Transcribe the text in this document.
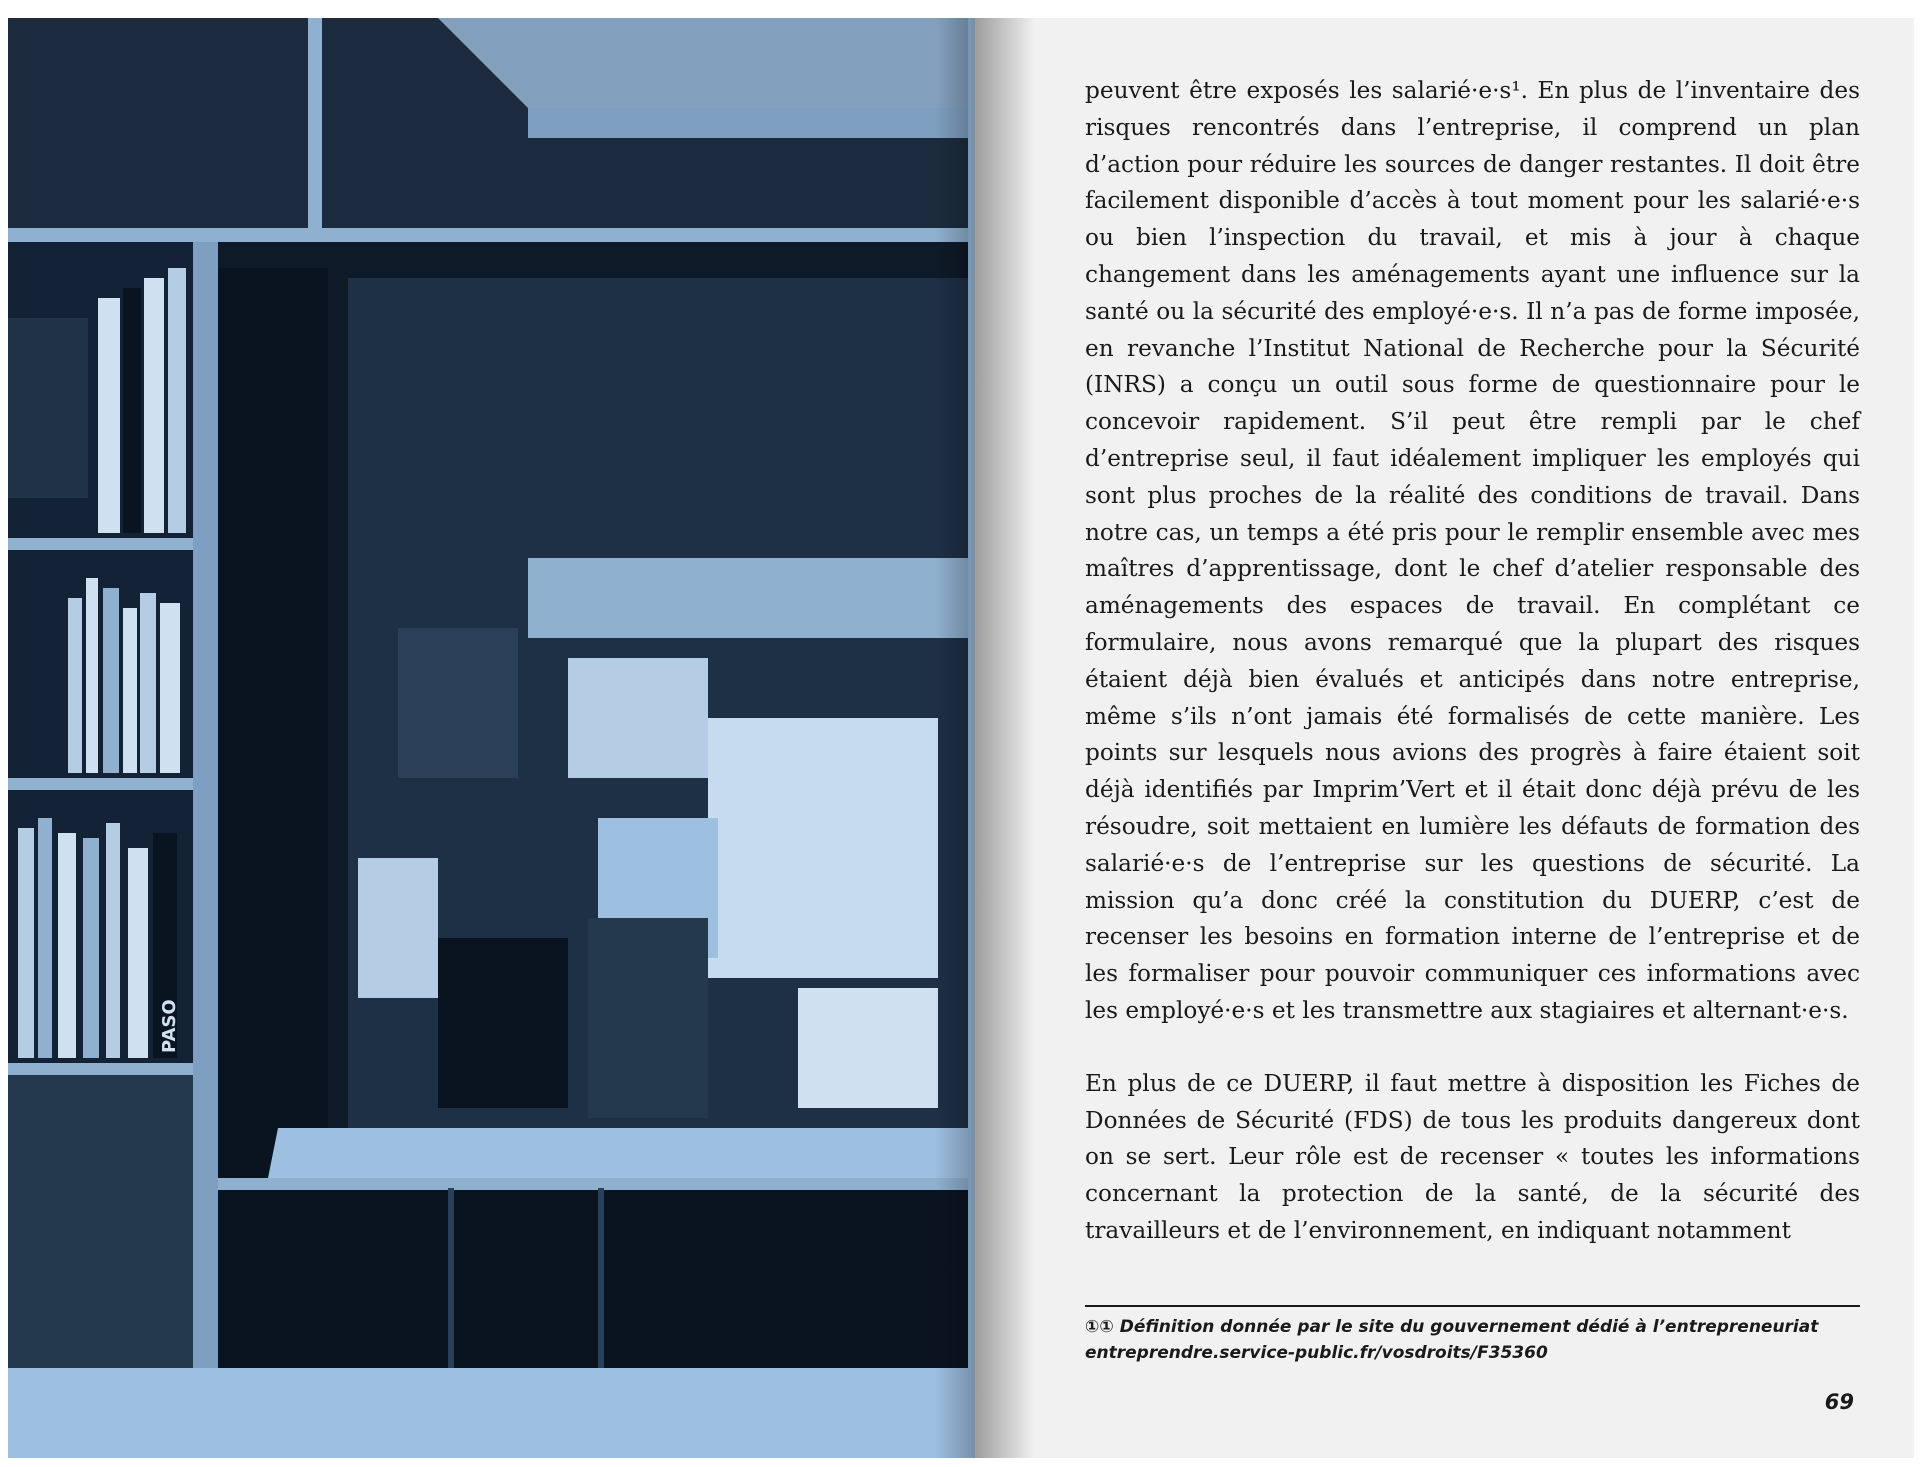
Das grosse Kunstbuch
PASO

peuvent être exposés les salarié·e·s¹. En plus de l’inventaire des risques rencontrés dans l’entreprise, il comprend un plan d’action pour réduire les sources de danger restantes. Il doit être facilement disponible d’accès à tout moment pour les salarié·e·s ou bien l’inspection du travail, et mis à jour à chaque changement dans les aménagements ayant une influence sur la santé ou la sécurité des employé·e·s. Il n’a pas de forme imposée, en revanche l’Institut National de Recherche pour la Sécurité (INRS) a conçu un outil sous forme de questionnaire pour le concevoir rapidement. S’il peut être rempli par le chef d’entreprise seul, il faut idéalement impliquer les employés qui sont plus proches de la réalité des conditions de travail. Dans notre cas, un temps a été pris pour le remplir ensemble avec mes maîtres d’apprentissage, dont le chef d’atelier responsable des aménagements des espaces de travail. En complétant ce formulaire, nous avons remarqué que la plupart des risques étaient déjà bien évalués et anticipés dans notre entreprise, même s’ils n’ont jamais été formalisés de cette manière. Les points sur lesquels nous avions des progrès à faire étaient soit déjà identifiés par Imprim’Vert et il était donc déjà prévu de les résoudre, soit mettaient en lumière les défauts de formation des salarié·e·s de l’entreprise sur les questions de sécurité. La mission qu’a donc créé la constitution du DUERP, c’est de recenser les besoins en formation interne de l’entreprise et de les formaliser pour pouvoir communiquer ces informations avec les employé·e·s et les transmettre aux stagiaires et alternant·e·s.

En plus de ce DUERP, il faut mettre à disposition les Fiches de Données de Sécurité (FDS) de tous les produits dangereux dont on se sert. Leur rôle est de recenser « toutes les informations concernant la protection de la santé, de la sécurité des travailleurs et de l’environnement, en indiquant notamment

①① Définition donnée par le site du gouvernement dédié à l’entrepreneuriat
entreprendre.service-public.fr/vosdroits/F35360
69
